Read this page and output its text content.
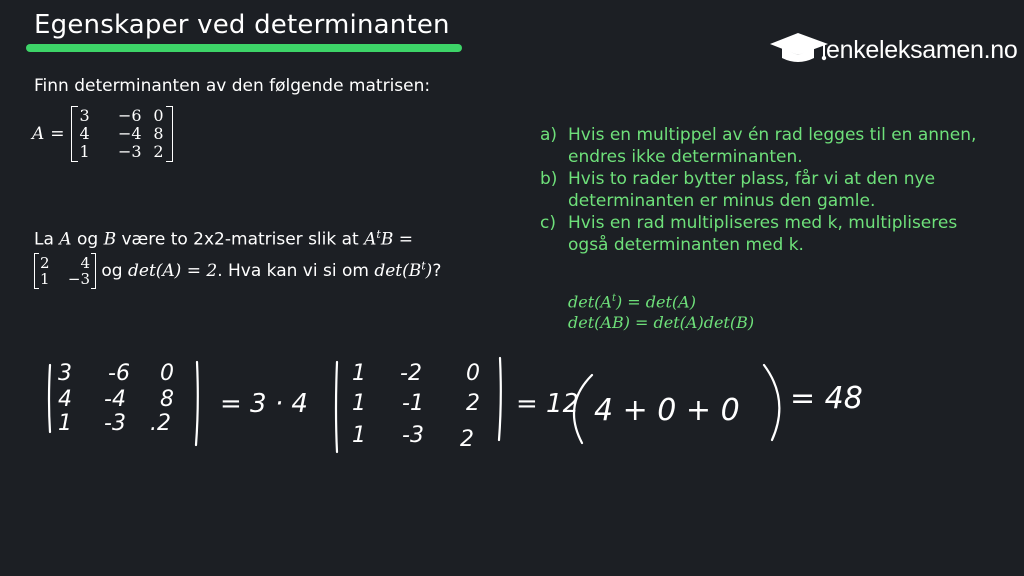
Egenskaper ved determinanten
enkeleksamen.no
Finn determinanten av den følgende matrisen:
A =
3	−6 0
4	−4 8
1	−3 2
La A og B være to 2x2-matriser slik at $A^tB$ =

2	4
1	−3 og det(A) = 2. Hva kan vi si om $\det(B^t)$?
a) Hvis en multippel av én rad legges til en annen, endres ikke determinanten.
b) Hvis to rader bytter plass, får vi at den nye determinanten er minus den gamle.
c) Hvis en rad multipliseres med k, multipliseres også determinanten med k.
$\det(A^t) = \det(A)$
det(AB) = det(A)det(B)
3 -6 0
4 -4 8
1 -3 .2
= 3 · 4
1 -2 0
1 -1 2
1 -3 2
= 12 4 + 0 + 0 = 48
